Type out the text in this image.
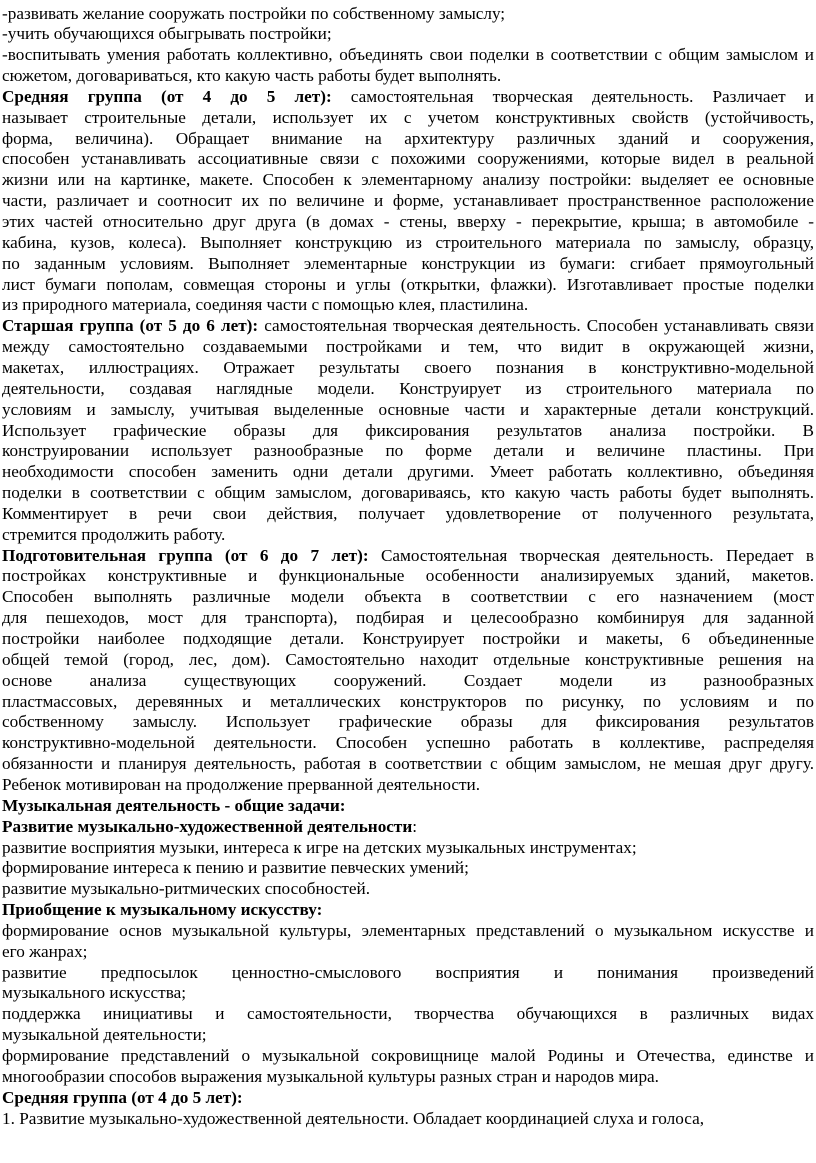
-развивать желание сооружать постройки по собственному замыслу;
-учить обучающихся обыгрывать постройки;
-воспитывать умения работать коллективно, объединять свои поделки в соответствии с общим замыслом и
сюжетом, договариваться, кто какую часть работы будет выполнять.
Средняя группа (от 4 до 5 лет): самостоятельная творческая деятельность. Различает и
называет строительные детали, использует их с учетом конструктивных свойств (устойчивость,
форма, величина). Обращает внимание на архитектуру различных зданий и сооружения,
способен устанавливать ассоциативные связи с похожими сооружениями, которые видел в реальной
жизни или на картинке, макете. Способен к элементарному анализу постройки: выделяет ее основные
части, различает и соотносит их по величине и форме, устанавливает пространственное расположение
этих частей относительно друг друга (в домах - стены, вверху - перекрытие, крыша; в автомобиле -
кабина, кузов, колеса). Выполняет конструкцию из строительного материала по замыслу, образцу,
по заданным условиям. Выполняет элементарные конструкции из бумаги: сгибает прямоугольный
лист бумаги пополам, совмещая стороны и углы (открытки, флажки). Изготавливает простые поделки
из природного материала, соединяя части с помощью клея, пластилина.
Старшая группа (от 5 до 6 лет): самостоятельная творческая деятельность. Способен устанавливать связи
между самостоятельно создаваемыми постройками и тем, что видит в окружающей жизни,
макетах, иллюстрациях. Отражает результаты своего познания в конструктивно-модельной
деятельности, создавая наглядные модели. Конструирует из строительного материала по
условиям и замыслу, учитывая выделенные основные части и характерные детали конструкций.
Использует графические образы для фиксирования результатов анализа постройки. В
конструировании использует разнообразные по форме детали и величине пластины. При
необходимости способен заменить одни детали другими. Умеет работать коллективно, объединяя
поделки в соответствии с общим замыслом, договариваясь, кто какую часть работы будет выполнять.
Комментирует в речи свои действия, получает удовлетворение от полученного результата,
стремится продолжить работу.
Подготовительная группа (от 6 до 7 лет): Самостоятельная творческая деятельность. Передает в
постройках конструктивные и функциональные особенности анализируемых зданий, макетов.
Способен выполнять различные модели объекта в соответствии с его назначением (мост
для пешеходов, мост для транспорта), подбирая и целесообразно комбинируя для заданной
постройки наиболее подходящие детали. Конструирует постройки и макеты, 6 объединенные
общей темой (город, лес, дом). Самостоятельно находит отдельные конструктивные решения на
основе анализа существующих сооружений. Создает модели из разнообразных
пластмассовых, деревянных и металлических конструкторов по рисунку, по условиям и по
собственному замыслу. Использует графические образы для фиксирования результатов
конструктивно-модельной деятельности. Способен успешно работать в коллективе, распределяя
обязанности и планируя деятельность, работая в соответствии с общим замыслом, не мешая друг другу.
Ребенок мотивирован на продолжение прерванной деятельности.
Музыкальная деятельность - общие задачи:
Развитие музыкально-художественной деятельности:
развитие восприятия музыки, интереса к игре на детских музыкальных инструментах;
формирование интереса к пению и развитие певческих умений;
развитие музыкально-ритмических способностей.
Приобщение к музыкальному искусству:
формирование основ музыкальной культуры, элементарных представлений о музыкальном искусстве и
его жанрах;
развитие предпосылок ценностно-смыслового восприятия и понимания произведений
музыкального искусства;
поддержка инициативы и самостоятельности, творчества обучающихся в различных видах
музыкальной деятельности;
формирование представлений о музыкальной сокровищнице малой Родины и Отечества, единстве и
многообразии способов выражения музыкальной культуры разных стран и народов мира.
Средняя группа (от 4 до 5 лет):
1. Развитие музыкально-художественной деятельности. Обладает координацией слуха и голоса,
